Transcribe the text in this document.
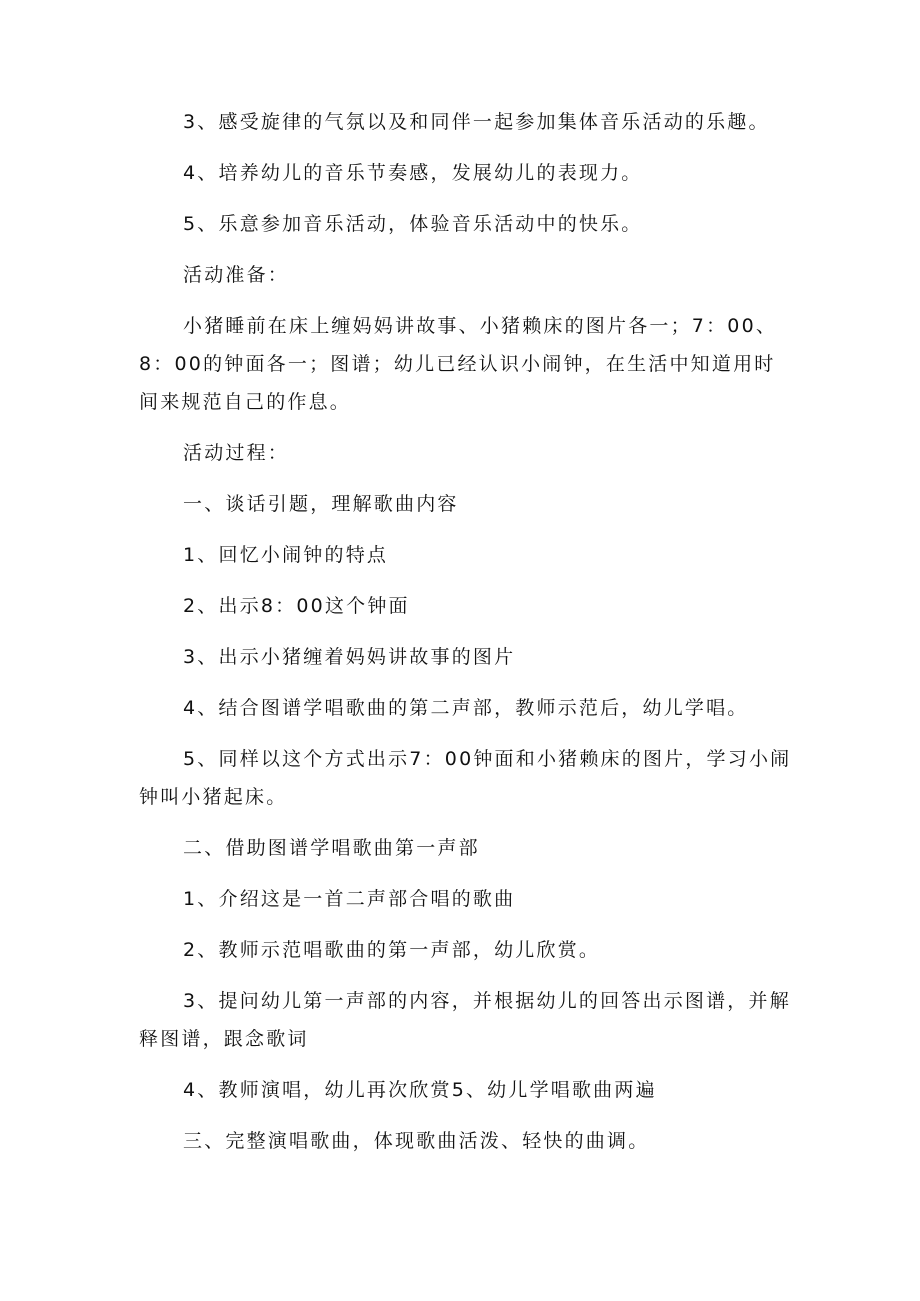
3、感受旋律的气氛以及和同伴一起参加集体音乐活动的乐趣。

4、培养幼儿的音乐节奏感，发展幼儿的表现力。

5、乐意参加音乐活动，体验音乐活动中的快乐。

活动准备：

小猪睡前在床上缠妈妈讲故事、小猪赖床的图片各一；7：00、8：00的钟面各一；图谱；幼儿已经认识小闹钟，在生活中知道用时间来规范自己的作息。

活动过程：

一、谈话引题，理解歌曲内容

1、回忆小闹钟的特点

2、出示8：00这个钟面

3、出示小猪缠着妈妈讲故事的图片

4、结合图谱学唱歌曲的第二声部，教师示范后，幼儿学唱。

5、同样以这个方式出示7：00钟面和小猪赖床的图片，学习小闹钟叫小猪起床。

二、借助图谱学唱歌曲第一声部

1、介绍这是一首二声部合唱的歌曲

2、教师示范唱歌曲的第一声部，幼儿欣赏。

3、提问幼儿第一声部的内容，并根据幼儿的回答出示图谱，并解释图谱，跟念歌词

4、教师演唱，幼儿再次欣赏5、幼儿学唱歌曲两遍

三、完整演唱歌曲，体现歌曲活泼、轻快的曲调。
